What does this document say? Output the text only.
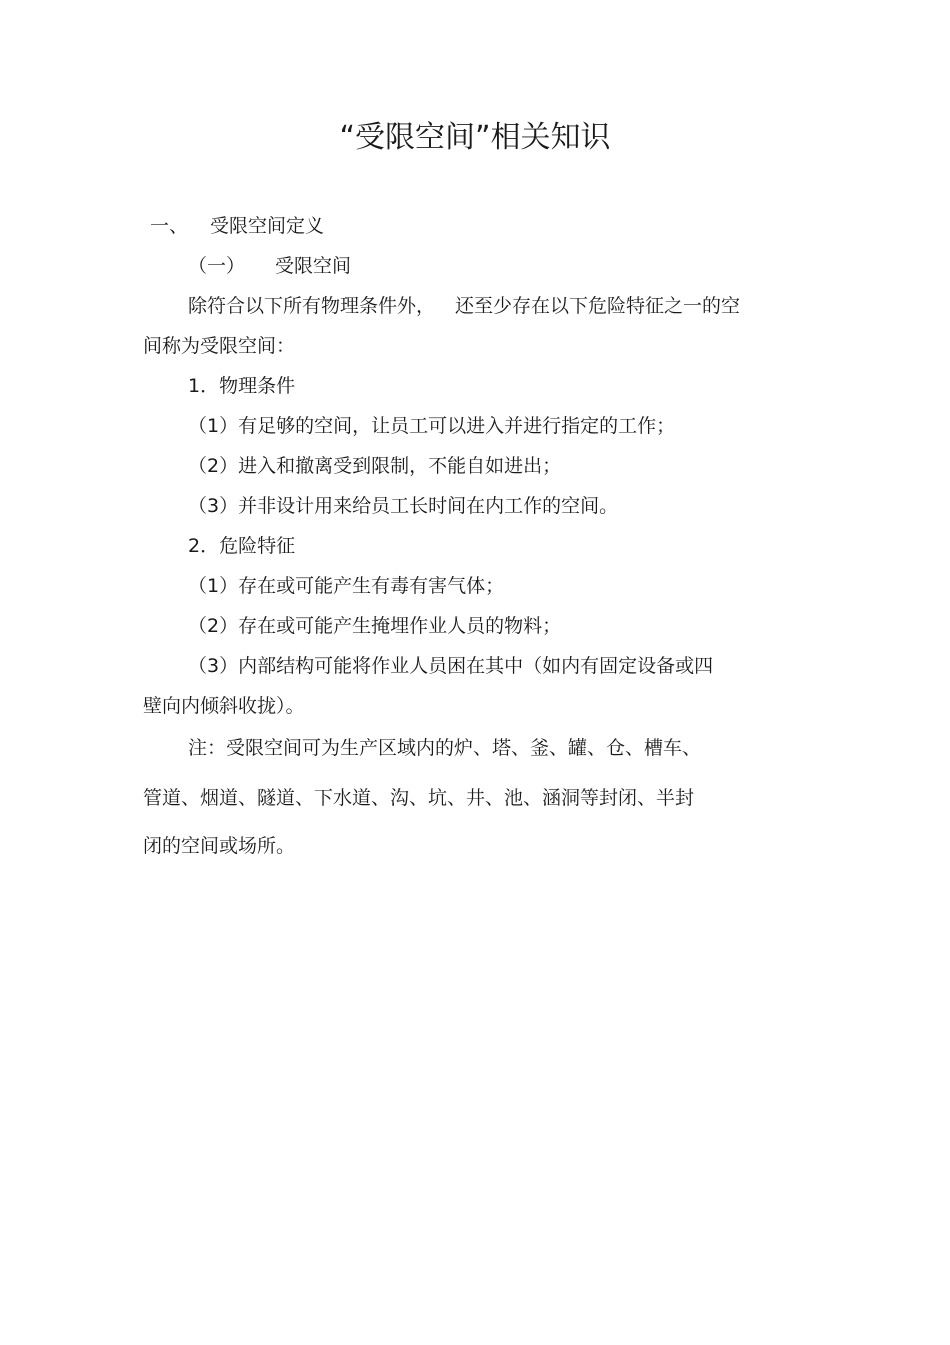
“受限空间”相关知识
一、 受限空间定义
（一） 受限空间
除符合以下所有物理条件外， 还至少存在以下危险特征之一的空
间称为受限空间：
1．物理条件
（1）有足够的空间，让员工可以进入并进行指定的工作；
（2）进入和撤离受到限制，不能自如进出；
（3）并非设计用来给员工长时间在内工作的空间。
2．危险特征
（1）存在或可能产生有毒有害气体；
（2）存在或可能产生掩埋作业人员的物料；
（3）内部结构可能将作业人员困在其中（如内有固定设备或四
壁向内倾斜收拢）。
注：受限空间可为生产区域内的炉、塔、釜、罐、仓、槽车、
管道、烟道、隧道、下水道、沟、坑、井、池、涵洞等封闭、半封
闭的空间或场所。
